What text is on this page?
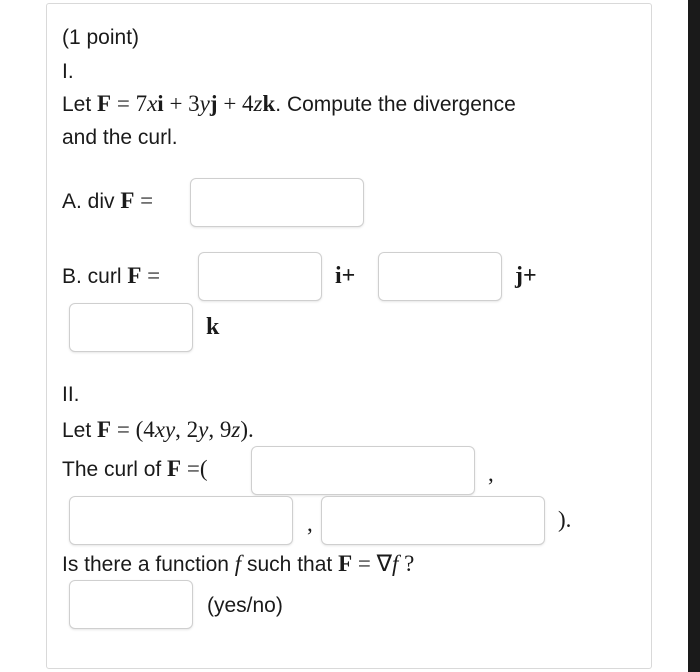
(1 point)
I.
Let F = 7xi + 3yj + 4zk. Compute the divergence
and the curl.
A. div F =
B. curl F =	i+	j+
k
II.
Let F = (4xy, 2y, 9z).
The curl of F =(	,
,	).
Is there a function f such that F = ∇f ?
(yes/no)
